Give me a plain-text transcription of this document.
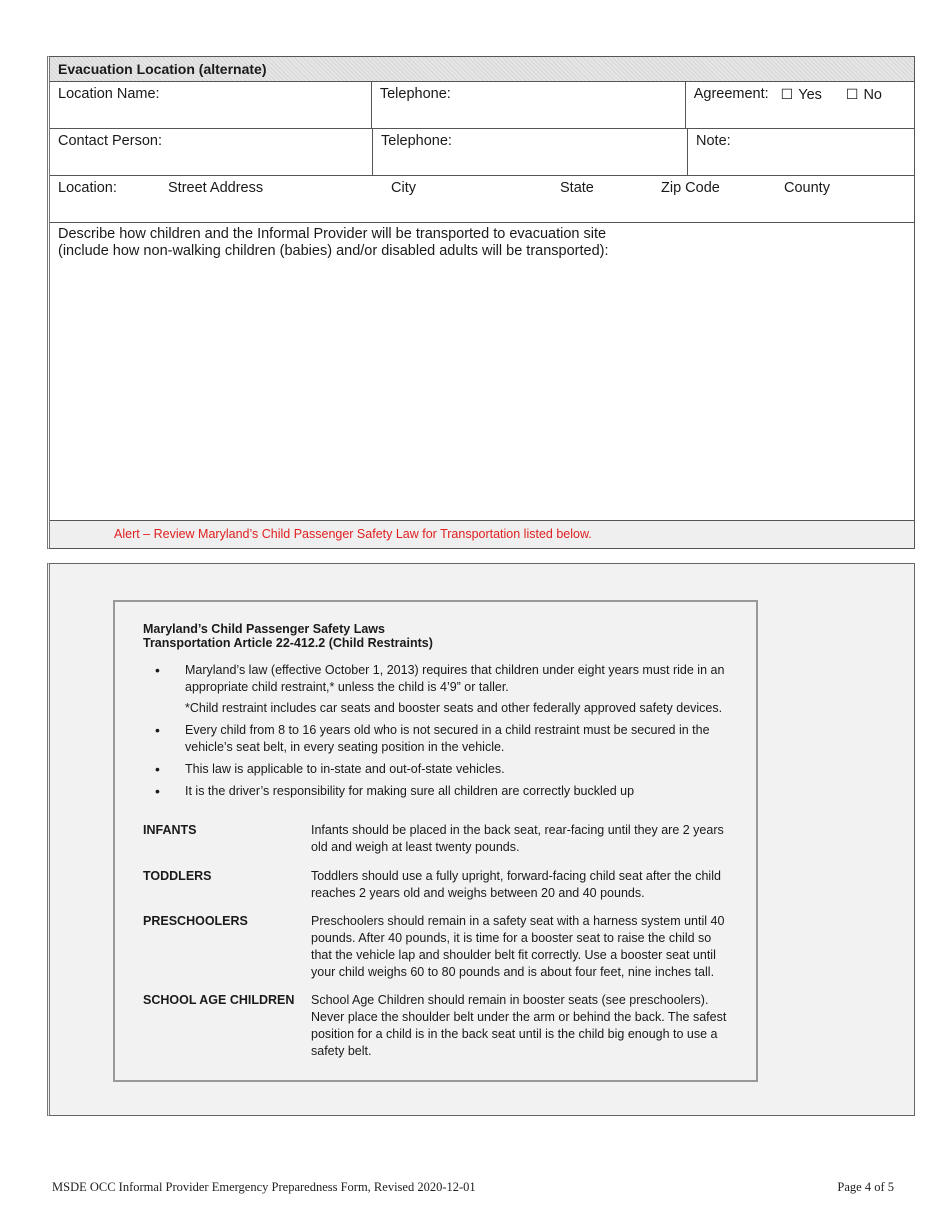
Evacuation Location (alternate)
Location Name:	Telephone:	Agreement: ☐ Yes ☐ No
Contact Person:	Telephone:	Note:
Location:	Street Address	City	State	Zip Code	County
Describe how children and the Informal Provider will be transported to evacuation site
(include how non-walking children (babies) and/or disabled adults will be transported):
Alert – Review Maryland’s Child Passenger Safety Law for Transportation listed below.
Maryland’s Child Passenger Safety Laws
Transportation Article 22-412.2 (Child Restraints)
• Maryland’s law (effective October 1, 2013) requires that children under eight years must ride in an appropriate child restraint,* unless the child is 4’9” or taller.
*Child restraint includes car seats and booster seats and other federally approved safety devices.
• Every child from 8 to 16 years old who is not secured in a child restraint must be secured in the vehicle’s seat belt, in every seating position in the vehicle.
• This law is applicable to in-state and out-of-state vehicles.
• It is the driver’s responsibility for making sure all children are correctly buckled up
INFANTS	Infants should be placed in the back seat, rear-facing until they are 2 years old and weigh at least twenty pounds.
TODDLERS	Toddlers should use a fully upright, forward-facing child seat after the child reaches 2 years old and weighs between 20 and 40 pounds.
PRESCHOOLERS	Preschoolers should remain in a safety seat with a harness system until 40 pounds. After 40 pounds, it is time for a booster seat to raise the child so that the vehicle lap and shoulder belt fit correctly. Use a booster seat until your child weighs 60 to 80 pounds and is about four feet, nine inches tall.
SCHOOL AGE CHILDREN	School Age Children should remain in booster seats (see preschoolers). Never place the shoulder belt under the arm or behind the back. The safest position for a child is in the back seat until is the child big enough to use a safety belt.
MSDE OCC Informal Provider Emergency Preparedness Form, Revised 2020-12-01	Page 4 of 5
